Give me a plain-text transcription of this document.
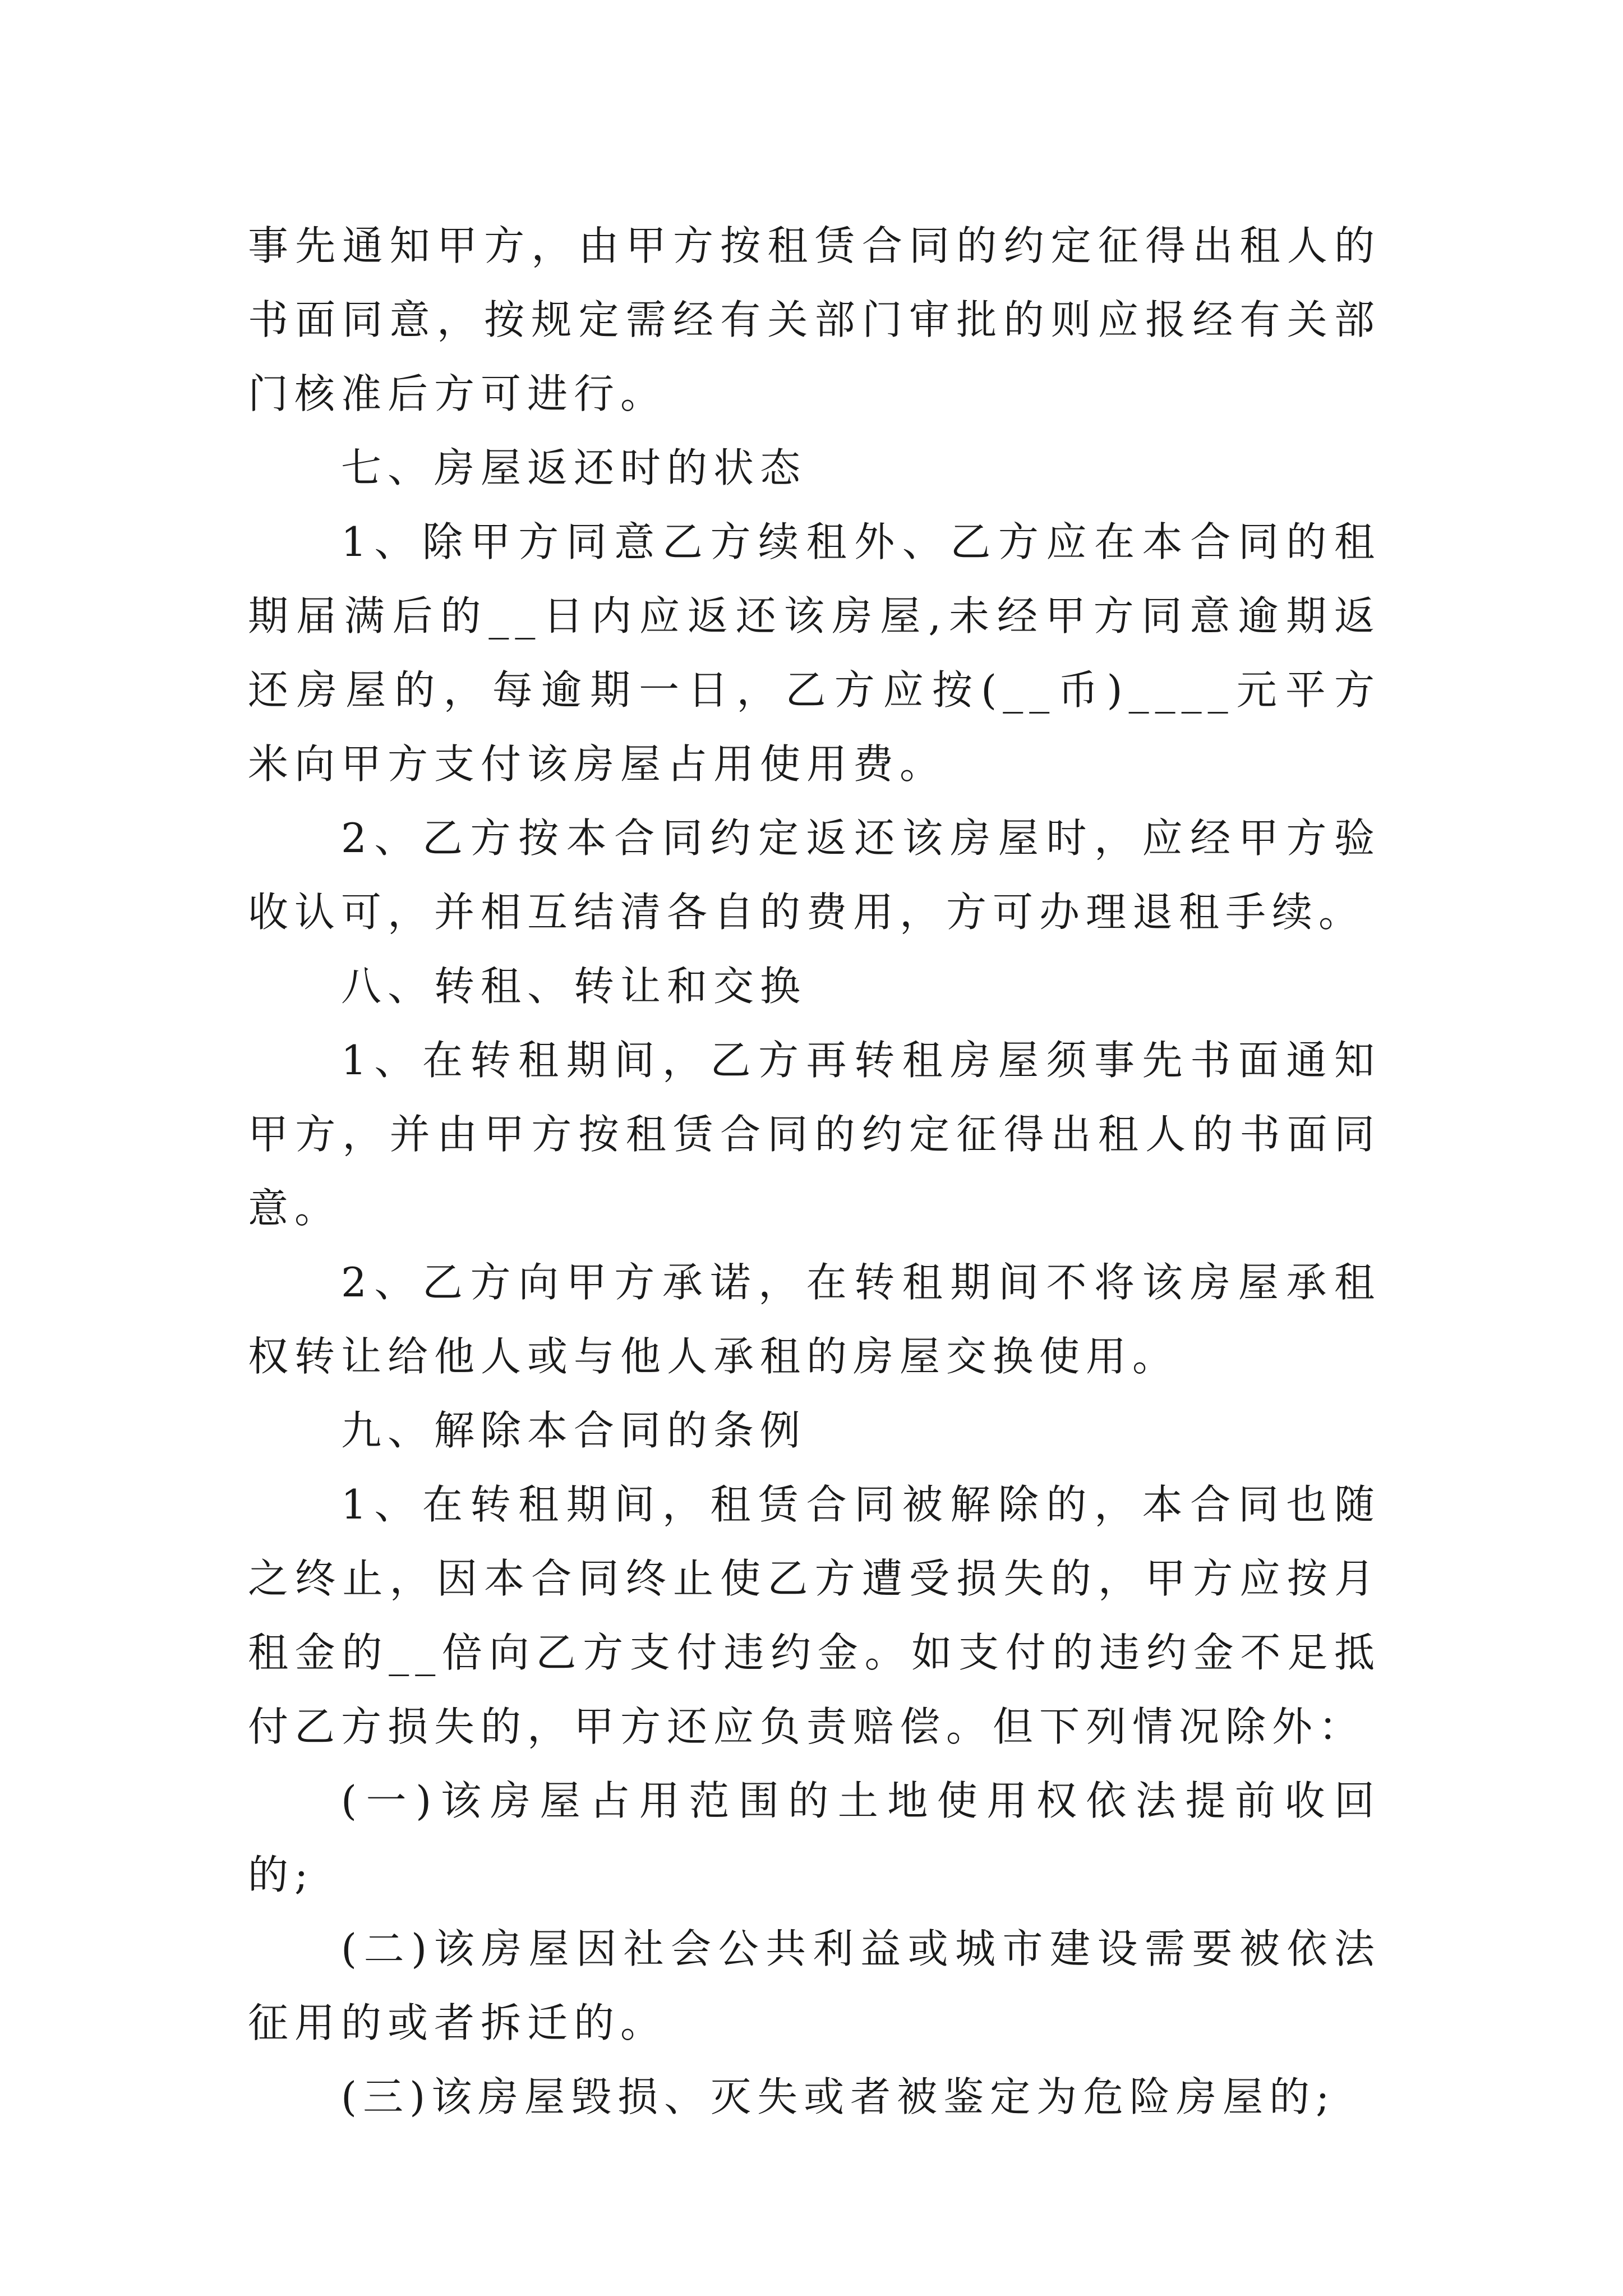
事先通知甲方，由甲方按租赁合同的约定征得出租人的书面同意，按规定需经有关部门审批的则应报经有关部门核准后方可进行。

七、房屋返还时的状态

1、除甲方同意乙方续租外、乙方应在本合同的租期届满后的__日内应返还该房屋,未经甲方同意逾期返还房屋的，每逾期一日，乙方应按(__币)____元平方米向甲方支付该房屋占用使用费。

2、乙方按本合同约定返还该房屋时，应经甲方验收认可，并相互结清各自的费用，方可办理退租手续。

八、转租、转让和交换

1、在转租期间，乙方再转租房屋须事先书面通知甲方，并由甲方按租赁合同的约定征得出租人的书面同意。

2、乙方向甲方承诺，在转租期间不将该房屋承租权转让给他人或与他人承租的房屋交换使用。

九、解除本合同的条例

1、在转租期间，租赁合同被解除的，本合同也随之终止，因本合同终止使乙方遭受损失的，甲方应按月租金的__倍向乙方支付违约金。如支付的违约金不足抵付乙方损失的，甲方还应负责赔偿。但下列情况除外：

(一)该房屋占用范围的土地使用权依法提前收回的;

(二)该房屋因社会公共利益或城市建设需要被依法征用的或者拆迁的。

(三)该房屋毁损、灭失或者被鉴定为危险房屋的;
